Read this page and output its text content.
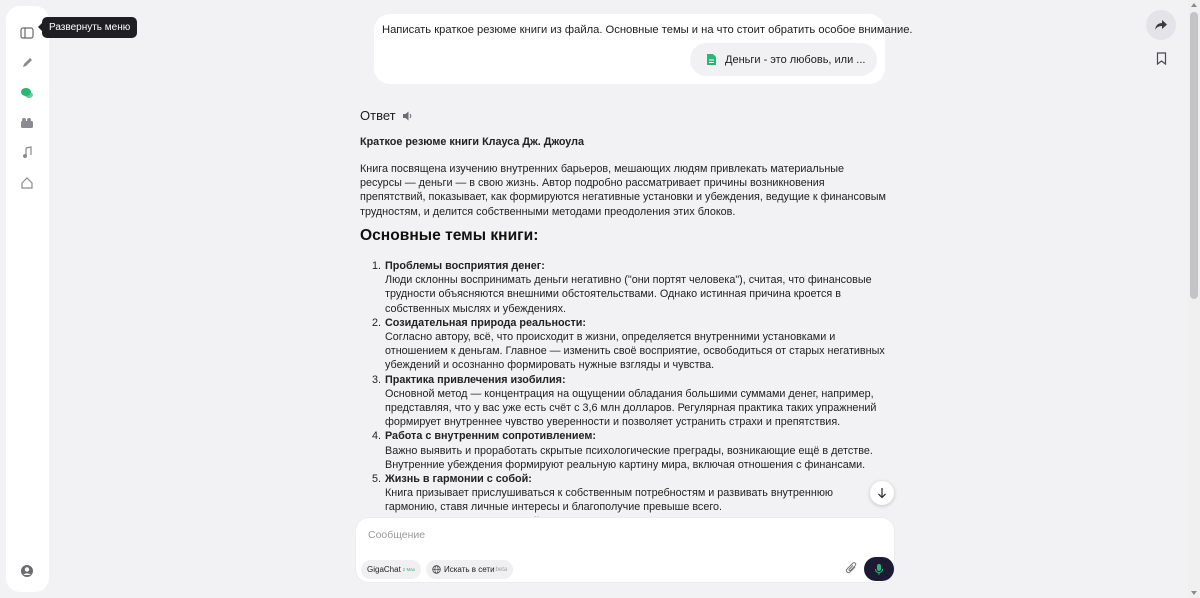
Развернуть меню	Написать краткое резюме книги из файла. Основные темы и на что стоит обратить особое внимание.
Деньги - это любовь, или ...
Ответ
Краткое резюме книги Клауса Дж. Джоула

Книга посвящена изучению внутренних барьеров, мешающих людям привлекать материальные ресурсы — деньги — в свою жизнь. Автор подробно рассматривает причины возникновения препятствий, показывает, как формируются негативные установки и убеждения, ведущие к финансовым трудностям, и делится собственными методами преодоления этих блоков.

Основные темы книги:
1. Проблемы восприятия денег:
Люди склонны воспринимать деньги негативно ("они портят человека"), считая, что финансовые трудности объясняются внешними обстоятельствами. Однако истинная причина кроется в собственных мыслях и убеждениях.
2. Созидательная природа реальности:
Согласно автору, всё, что происходит в жизни, определяется внутренними установками и отношением к деньгам. Главное — изменить своё восприятие, освободиться от старых негативных убеждений и осознанно формировать нужные взгляды и чувства.
3. Практика привлечения изобилия:
Основной метод — концентрация на ощущении обладания большими суммами денег, например, представляя, что у вас уже есть счёт с 3,6 млн долларов. Регулярная практика таких упражнений формирует внутреннее чувство уверенности и позволяет устранить страхи и препятствия.
4. Работа с внутренним сопротивлением:
Важно выявить и проработать скрытые психологические преграды, возникающие ещё в детстве. Внутренние убеждения формируют реальную картину мира, включая отношения с финансами.
5. Жизнь в гармонии с собой:
Книга призывает прислушиваться к собственным потребностям и развивать внутреннюю гармонию, ставя личные интересы и благополучие превыше всего.

Сообщение
GigaChat 2 Max	Искать в сети beta
